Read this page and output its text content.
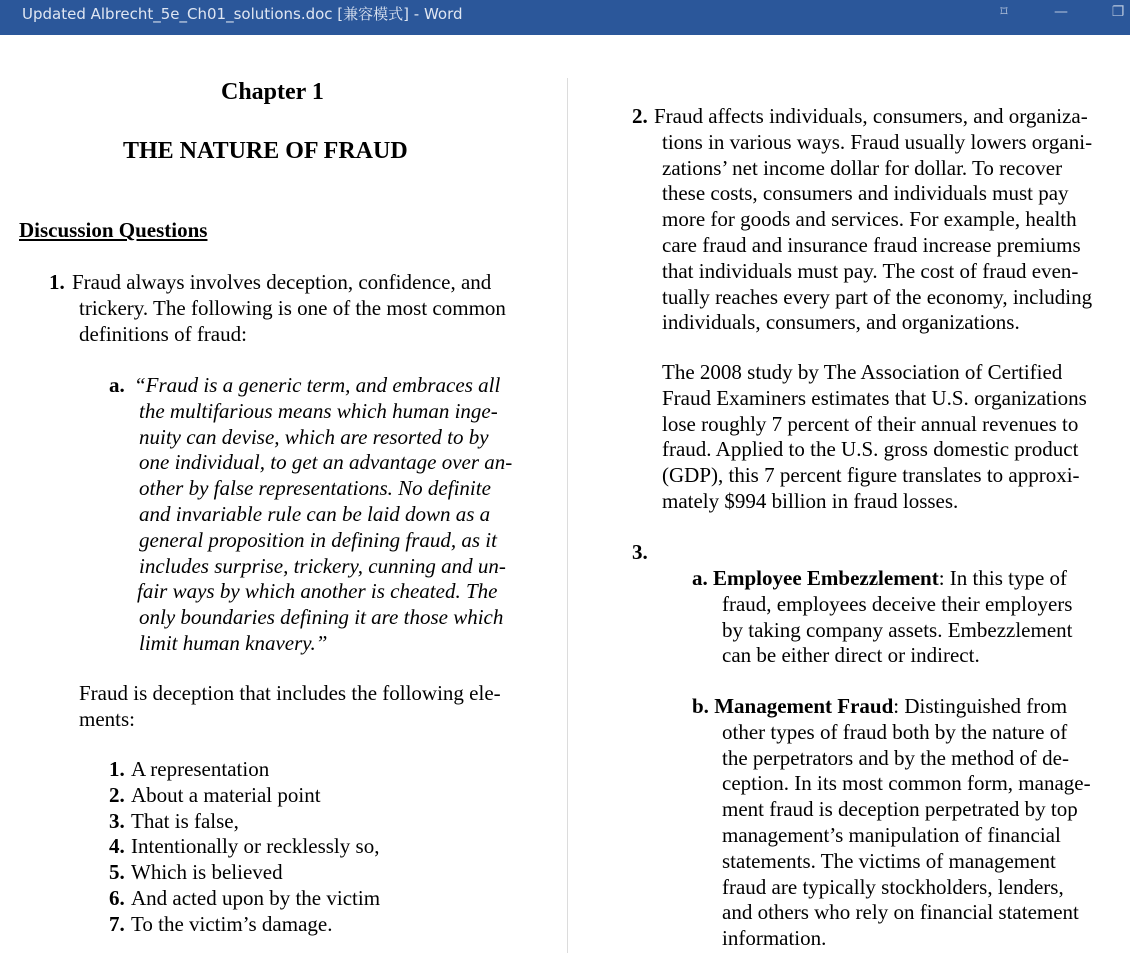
Updated Albrecht_5e_Ch01_solutions.doc [兼容模式] - Word	⌑	—	❐
Chapter 1
THE NATURE OF FRAUD
Discussion Questions
1. Fraud always involves deception, confidence, and
trickery. The following is one of the most common
definitions of fraud:
a. “Fraud is a generic term, and embraces all
the multifarious means which human inge-
nuity can devise, which are resorted to by
one individual, to get an advantage over an-
other by false representations. No definite
and invariable rule can be laid down as a
general proposition in defining fraud, as it
includes surprise, trickery, cunning and un-
fair ways by which another is cheated. The
only boundaries defining it are those which
limit human knavery.”
Fraud is deception that includes the following ele-
ments:
1. A representation
2. About a material point
3. That is false,
4. Intentionally or recklessly so,
5. Which is believed
6. And acted upon by the victim
7. To the victim’s damage.
2. Fraud affects individuals, consumers, and organiza-
tions in various ways. Fraud usually lowers organi-
zations’ net income dollar for dollar. To recover
these costs, consumers and individuals must pay
more for goods and services. For example, health
care fraud and insurance fraud increase premiums
that individuals must pay. The cost of fraud even-
tually reaches every part of the economy, including
individuals, consumers, and organizations.
The 2008 study by The Association of Certified
Fraud Examiners estimates that U.S. organizations
lose roughly 7 percent of their annual revenues to
fraud. Applied to the U.S. gross domestic product
(GDP), this 7 percent figure translates to approxi-
mately $994 billion in fraud losses.
3.
a. Employee Embezzlement: In this type of
fraud, employees deceive their employers
by taking company assets. Embezzlement
can be either direct or indirect.
b. Management Fraud: Distinguished from
other types of fraud both by the nature of
the perpetrators and by the method of de-
ception. In its most common form, manage-
ment fraud is deception perpetrated by top
management’s manipulation of financial
statements. The victims of management
fraud are typically stockholders, lenders,
and others who rely on financial statement
information.
